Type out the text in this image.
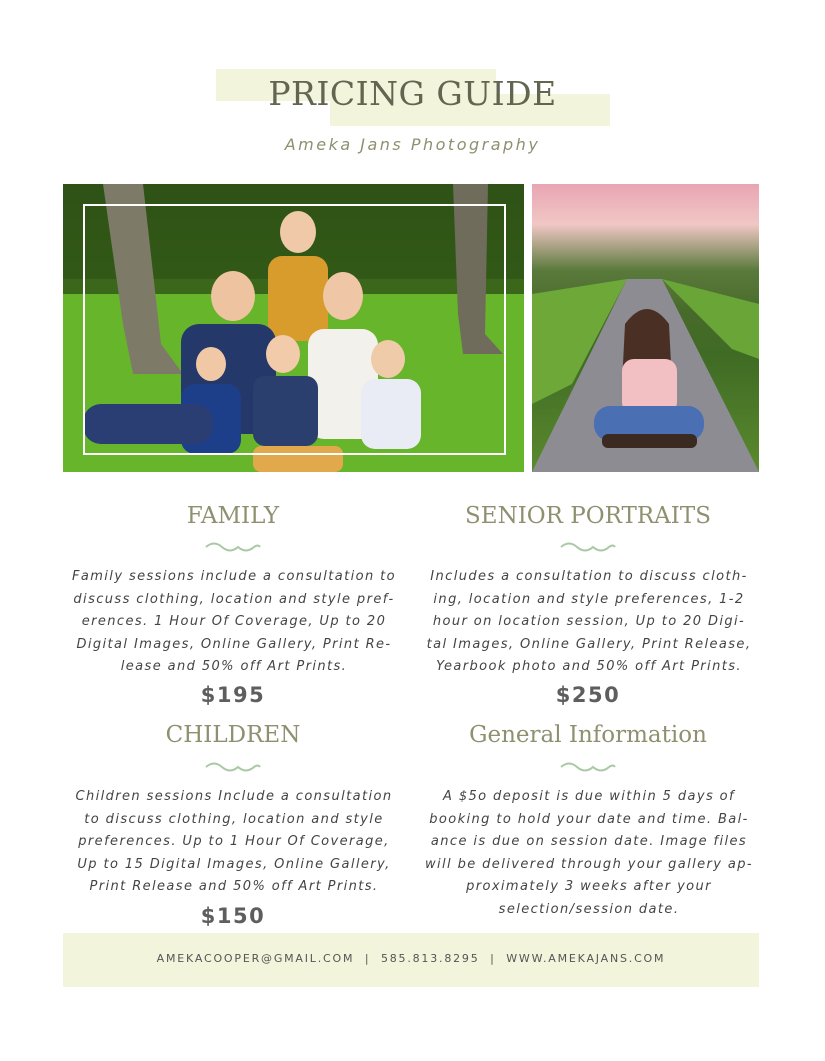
PRICING GUIDE
Ameka Jans Photography
FAMILY
Family sessions include a consultation to
discuss clothing, location and style pref-
erences. 1 Hour Of Coverage, Up to 20
Digital Images, Online Gallery, Print Re-
lease and 50% off Art Prints.
$195
SENIOR PORTRAITS
Includes a consultation to discuss cloth-
ing, location and style preferences, 1-2
hour on location session, Up to 20 Digi-
tal Images, Online Gallery, Print Release,
Yearbook photo and 50% off Art Prints.
$250
CHILDREN
Children sessions Include a consultation
to discuss clothing, location and style
preferences. Up to 1 Hour Of Coverage,
Up to 15 Digital Images, Online Gallery,
Print Release and 50% off Art Prints.
$150
General Information
A $5o deposit is due within 5 days of
booking to hold your date and time. Bal-
ance is due on session date. Image files
will be delivered through your gallery ap-
proximately 3 weeks after your
selection/session date.
AMEKACOOPER@GMAIL.COM  |  585.813.8295  |  WWW.AMEKAJANS.COM
